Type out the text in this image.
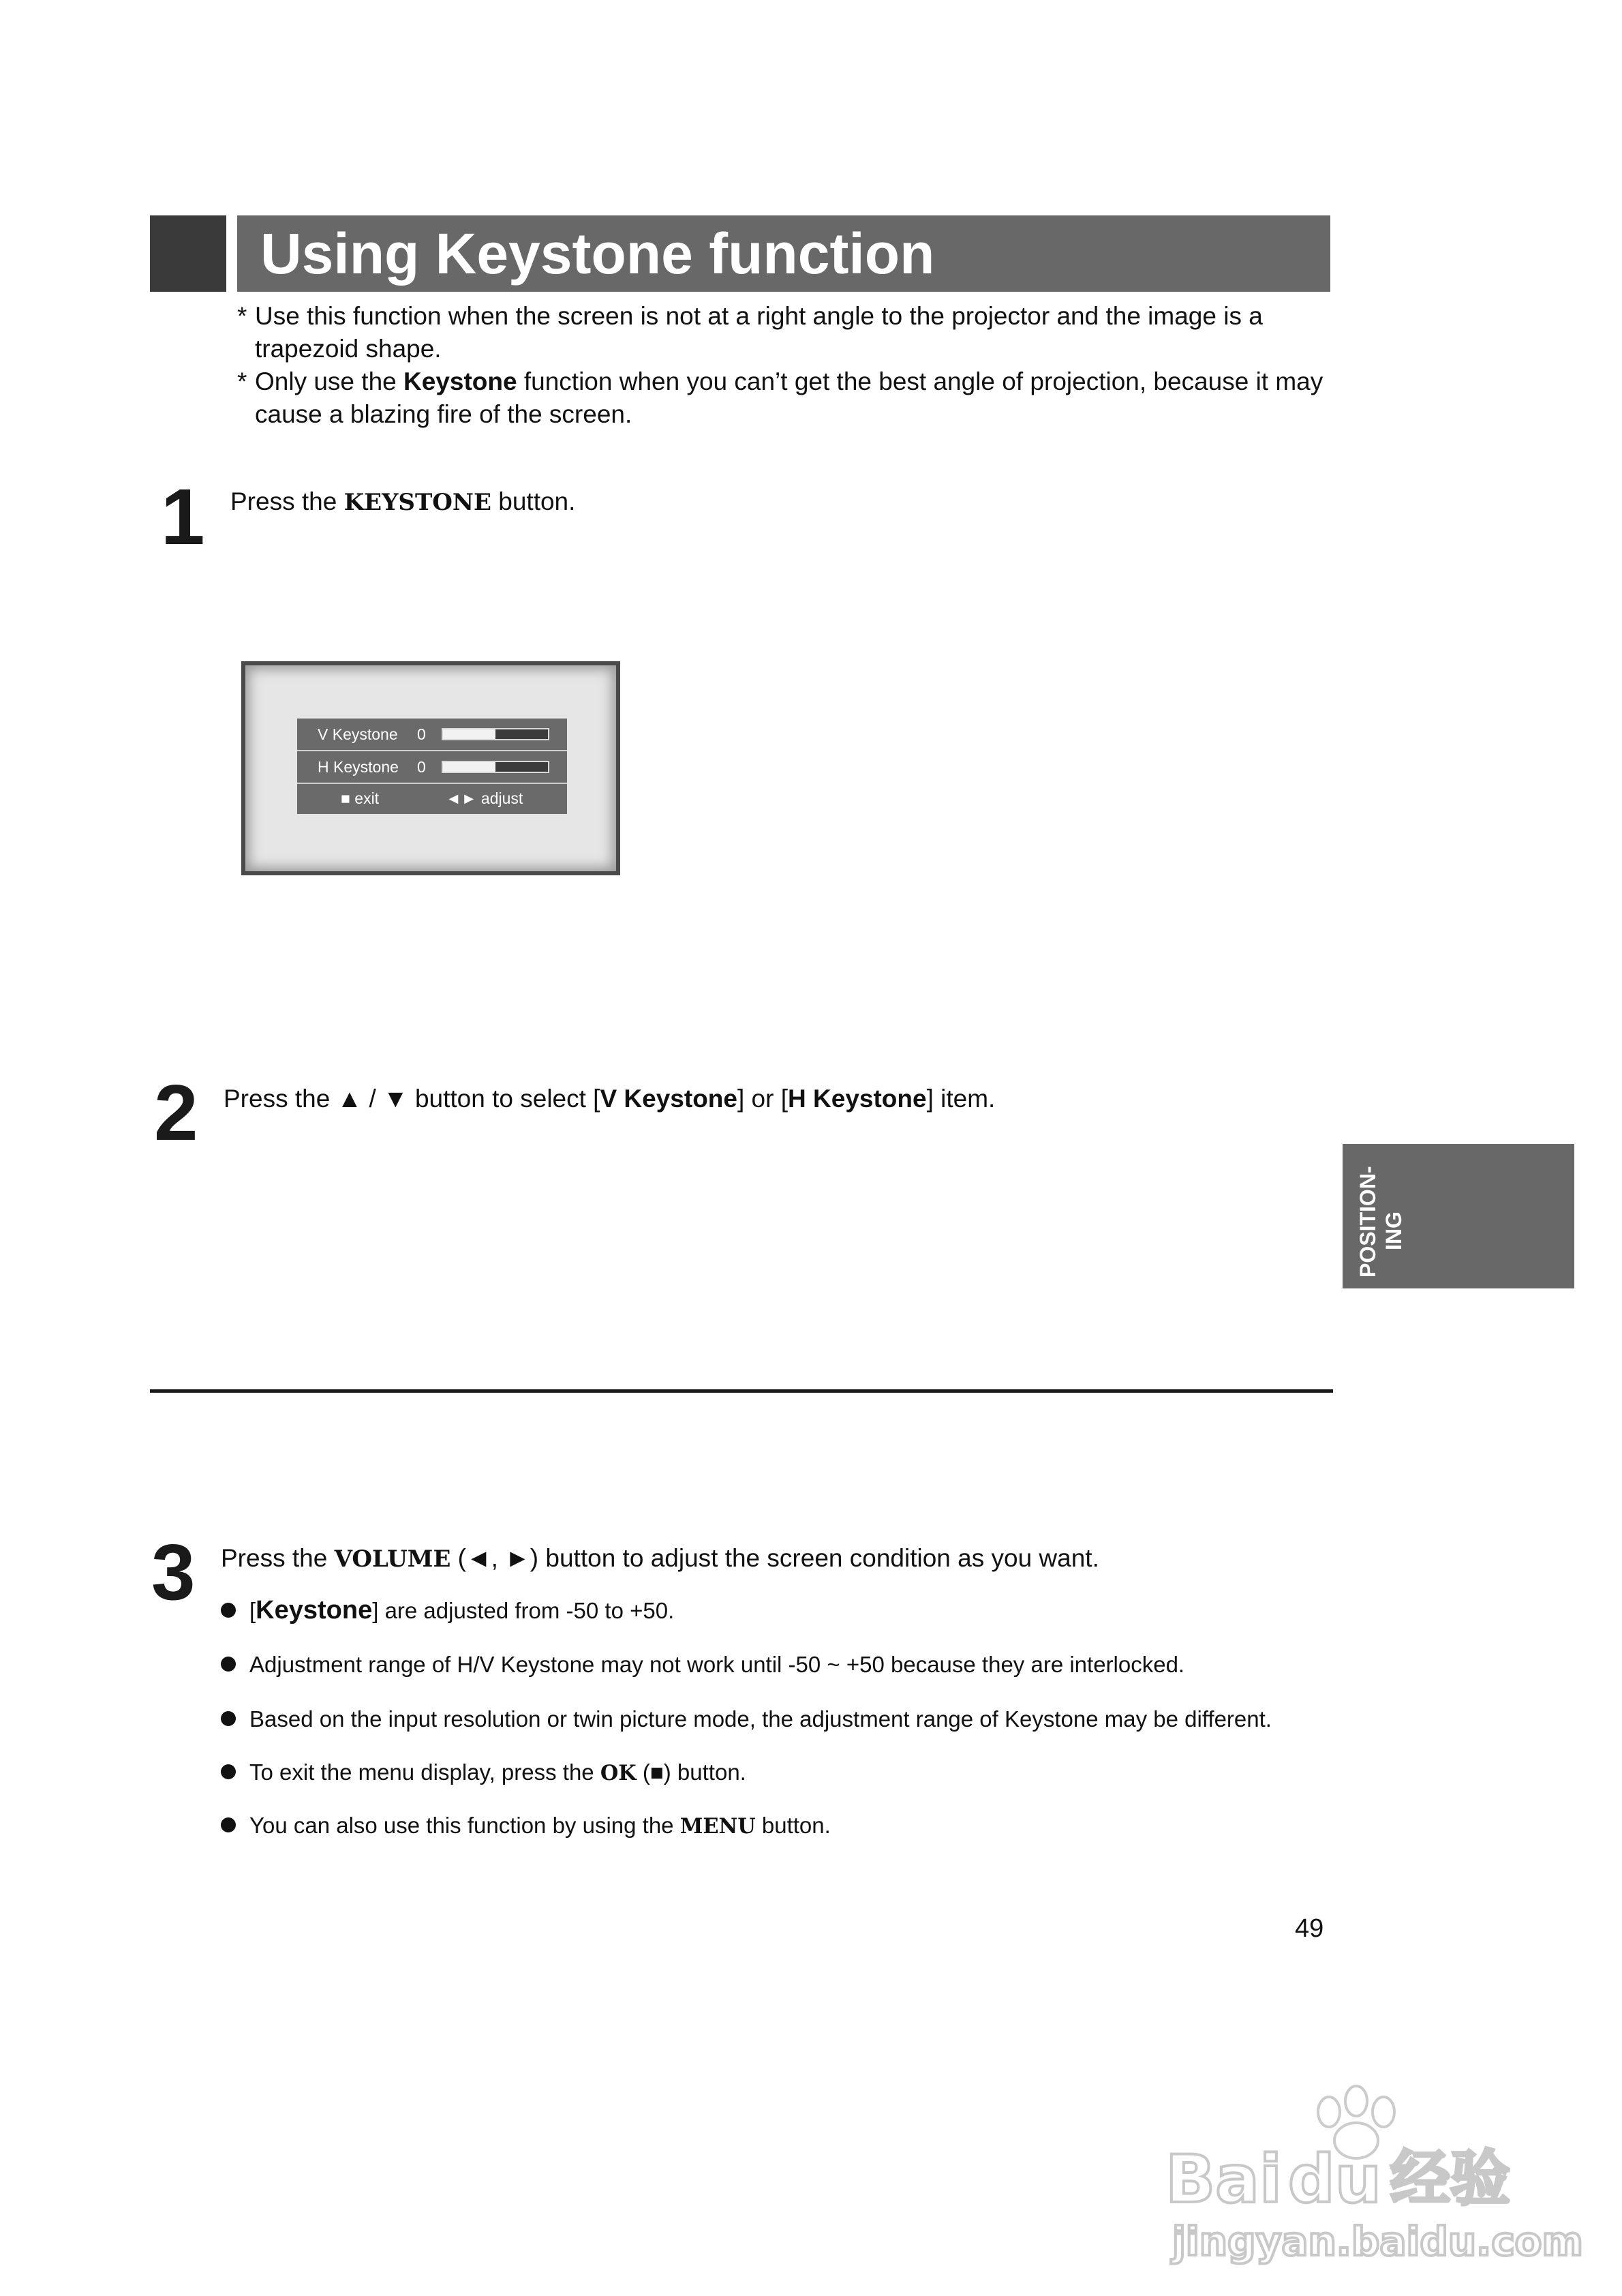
Using Keystone function
* Use this function when the screen is not at a right angle to the projector and the image is a trapezoid shape.
* Only use the Keystone function when you can’t get the best angle of projection, because it may cause a blazing fire of the screen.
1 Press the KEYSTONE button.
V Keystone 0
H Keystone 0
■ exit	◄► adjust
2 Press the ▲ / ▼ button to select [V Keystone] or [H Keystone] item.
POSITION- ING
3 Press the VOLUME (◄, ►) button to adjust the screen condition as you want.
[Keystone] are adjusted from -50 to +50.
Adjustment range of H/V Keystone may not work until -50 ~ +50 because they are interlocked.
Based on the input resolution or twin picture mode, the adjustment range of Keystone may be different.
To exit the menu display, press the OK (■) button.
You can also use this function by using the MENU button.
49
Bai du 经验
jingyan.baidu.com
